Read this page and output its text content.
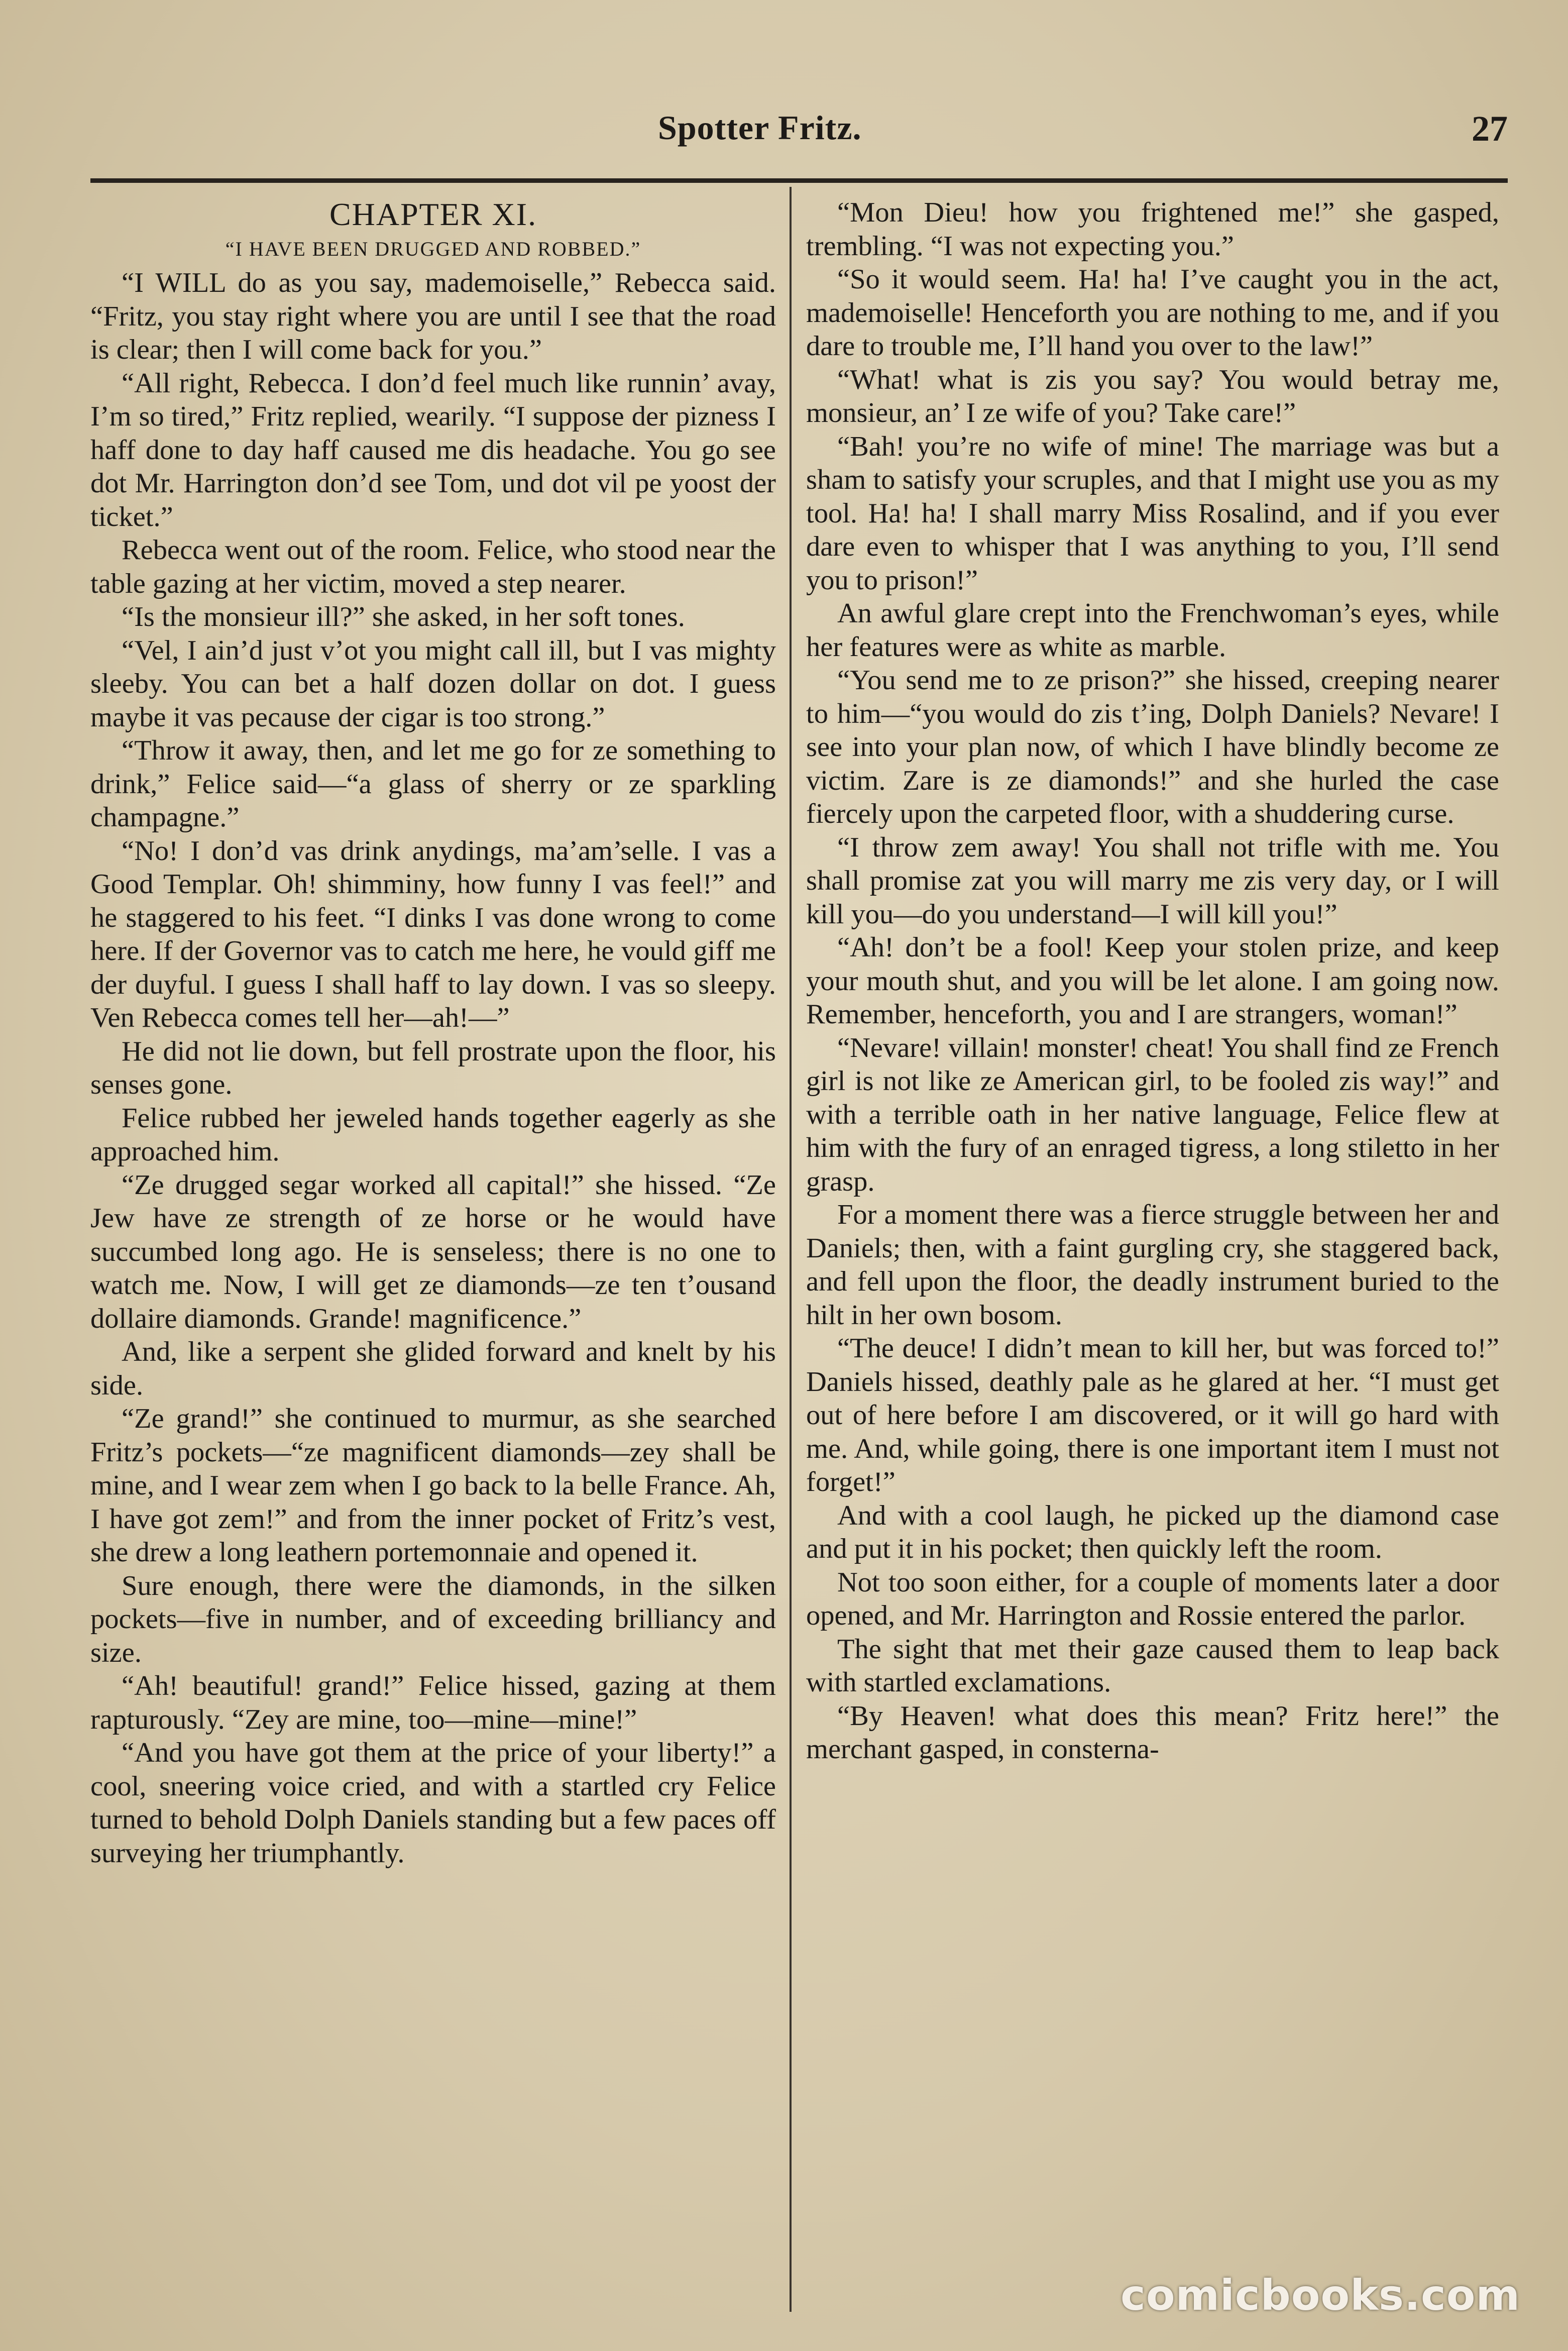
Spotter Fritz.	27
CHAPTER XI.
“I HAVE BEEN DRUGGED AND ROBBED.”

“I WILL do as you say, mademoiselle,” Rebecca said. “Fritz, you stay right where you are until I see that the road is clear; then I will come back for you.”

“All right, Rebecca. I don’d feel much like runnin’ avay, I’m so tired,” Fritz replied, wearily. “I suppose der pizness I haff done to day haff caused me dis headache. You go see dot Mr. Harrington don’d see Tom, und dot vil pe yoost der ticket.”

Rebecca went out of the room. Felice, who stood near the table gazing at her victim, moved a step nearer.

“Is the monsieur ill?” she asked, in her soft tones.

“Vel, I ain’d just v’ot you might call ill, but I vas mighty sleeby. You can bet a half dozen dollar on dot. I guess maybe it vas pecause der cigar is too strong.”

“Throw it away, then, and let me go for ze something to drink,” Felice said—“a glass of sherry or ze sparkling champagne.”

“No! I don’d vas drink anydings, ma’am’selle. I vas a Good Templar. Oh! shimminy, how funny I vas feel!” and he staggered to his feet. “I dinks I vas done wrong to come here. If der Governor vas to catch me here, he vould giff me der duyful. I guess I shall haff to lay down. I vas so sleepy. Ven Rebecca comes tell her—ah!—”

He did not lie down, but fell prostrate upon the floor, his senses gone.

Felice rubbed her jeweled hands together eagerly as she approached him.

“Ze drugged segar worked all capital!” she hissed. “Ze Jew have ze strength of ze horse or he would have succumbed long ago. He is senseless; there is no one to watch me. Now, I will get ze diamonds—ze ten t’ousand dollaire diamonds. Grande! magnificence.”

And, like a serpent she glided forward and knelt by his side.

“Ze grand!” she continued to murmur, as she searched Fritz’s pockets—“ze magnificent diamonds—zey shall be mine, and I wear zem when I go back to la belle France. Ah, I have got zem!” and from the inner pocket of Fritz’s vest, she drew a long leathern portemonnaie and opened it.

Sure enough, there were the diamonds, in the silken pockets—five in number, and of exceeding brilliancy and size.

“Ah! beautiful! grand!” Felice hissed, gazing at them rapturously. “Zey are mine, too—mine—mine!”

“And you have got them at the price of your liberty!” a cool, sneering voice cried, and with a startled cry Felice turned to behold Dolph Daniels standing but a few paces off surveying her triumphantly.

“Mon Dieu! how you frightened me!” she gasped, trembling. “I was not expecting you.”

“So it would seem. Ha! ha! I’ve caught you in the act, mademoiselle! Henceforth you are nothing to me, and if you dare to trouble me, I’ll hand you over to the law!”

“What! what is zis you say? You would betray me, monsieur, an’ I ze wife of you? Take care!”

“Bah! you’re no wife of mine! The marriage was but a sham to satisfy your scruples, and that I might use you as my tool. Ha! ha! I shall marry Miss Rosalind, and if you ever dare even to whisper that I was anything to you, I’ll send you to prison!”

An awful glare crept into the Frenchwoman’s eyes, while her features were as white as marble.

“You send me to ze prison?” she hissed, creeping nearer to him—“you would do zis t’ing, Dolph Daniels? Nevare! I see into your plan now, of which I have blindly become ze victim. Zare is ze diamonds!” and she hurled the case fiercely upon the carpeted floor, with a shuddering curse.

“I throw zem away! You shall not trifle with me. You shall promise zat you will marry me zis very day, or I will kill you—do you understand—I will kill you!”

“Ah! don’t be a fool! Keep your stolen prize, and keep your mouth shut, and you will be let alone. I am going now. Remember, henceforth, you and I are strangers, woman!”

“Nevare! villain! monster! cheat! You shall find ze French girl is not like ze American girl, to be fooled zis way!” and with a terrible oath in her native language, Felice flew at him with the fury of an enraged tigress, a long stiletto in her grasp.

For a moment there was a fierce struggle between her and Daniels; then, with a faint gurgling cry, she staggered back, and fell upon the floor, the deadly instrument buried to the hilt in her own bosom.

“The deuce! I didn’t mean to kill her, but was forced to!” Daniels hissed, deathly pale as he glared at her. “I must get out of here before I am discovered, or it will go hard with me. And, while going, there is one important item I must not forget!”

And with a cool laugh, he picked up the diamond case and put it in his pocket; then quickly left the room.

Not too soon either, for a couple of moments later a door opened, and Mr. Harrington and Rossie entered the parlor.

The sight that met their gaze caused them to leap back with startled exclamations.

“By Heaven! what does this mean? Fritz here!” the merchant gasped, in consterna-

comicbooks.com
